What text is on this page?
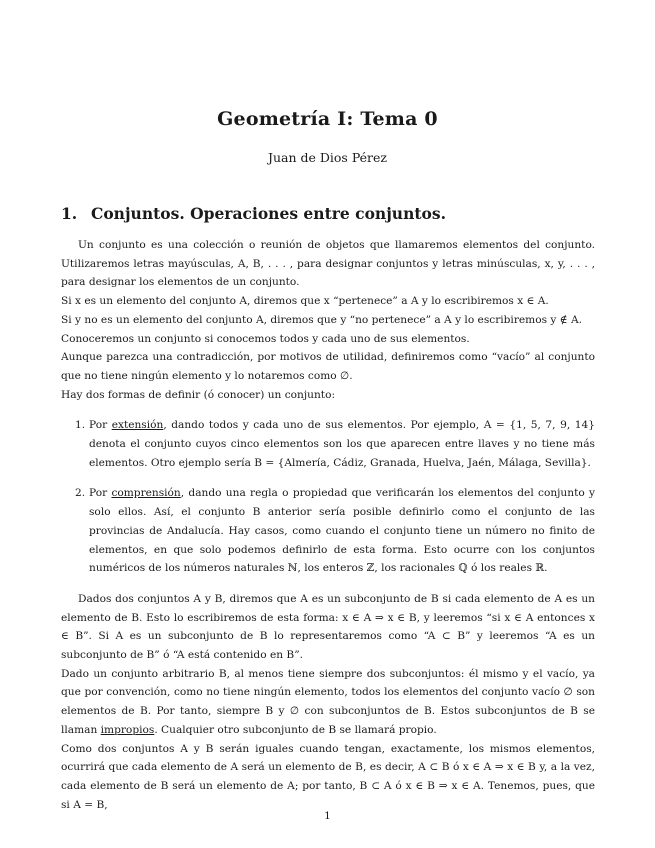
Geometría I: Tema 0
Juan de Dios Pérez
1. Conjuntos. Operaciones entre conjuntos.

Un conjunto es una colección o reunión de objetos que llamaremos elementos del conjunto. Utilizaremos letras mayúsculas, A, B, . . . , para designar conjuntos y letras minúsculas, x, y, . . . , para designar los elementos de un conjunto.

Si x es un elemento del conjunto A, diremos que x “pertenece” a A y lo escribiremos x ∈ A.

Si y no es un elemento del conjunto A, diremos que y “no pertenece” a A y lo escribiremos y ∉ A.

Conoceremos un conjunto si conocemos todos y cada uno de sus elementos.

Aunque parezca una contradicción, por motivos de utilidad, definiremos como “vacío” al conjunto que no tiene ningún elemento y lo notaremos como ∅.

Hay dos formas de definir (ó conocer) un conjunto:

1. Por extensión, dando todos y cada uno de sus elementos. Por ejemplo, A = {1, 5, 7, 9, 14} denota el conjunto cuyos cinco elementos son los que aparecen entre llaves y no tiene más elementos. Otro ejemplo sería B = {Almería, Cádiz, Granada, Huelva, Jaén, Málaga, Sevilla}.
2. Por comprensión, dando una regla o propiedad que verificarán los elementos del conjunto y solo ellos. Así, el conjunto B anterior sería posible definirlo como el conjunto de las provincias de Andalucía. Hay casos, como cuando el conjunto tiene un número no finito de elementos, en que solo podemos definirlo de esta forma. Esto ocurre con los conjuntos numéricos de los números naturales ℕ, los enteros ℤ, los racionales ℚ ó los reales ℝ.

Dados dos conjuntos A y B, diremos que A es un subconjunto de B si cada elemento de A es un elemento de B. Esto lo escribiremos de esta forma: x ∈ A ⇒ x ∈ B, y leeremos “si x ∈ A entonces x ∈ B”. Si A es un subconjunto de B lo representaremos como “A ⊂ B” y leeremos “A es un subconjunto de B” ó “A está contenido en B”.

Dado un conjunto arbitrario B, al menos tiene siempre dos subconjuntos: él mismo y el vacío, ya que por convención, como no tiene ningún elemento, todos los elementos del conjunto vacío ∅ son elementos de B. Por tanto, siempre B y ∅ con subconjuntos de B. Estos subconjuntos de B se llaman impropios. Cualquier otro subconjunto de B se llamará propio.

Como dos conjuntos A y B serán iguales cuando tengan, exactamente, los mismos elementos, ocurrirá que cada elemento de A será un elemento de B, es decir, A ⊂ B ó x ∈ A ⇒ x ∈ B y, a la vez, cada elemento de B será un elemento de A; por tanto, B ⊂ A ó x ∈ B ⇒ x ∈ A. Tenemos, pues, que si A = B,

1
